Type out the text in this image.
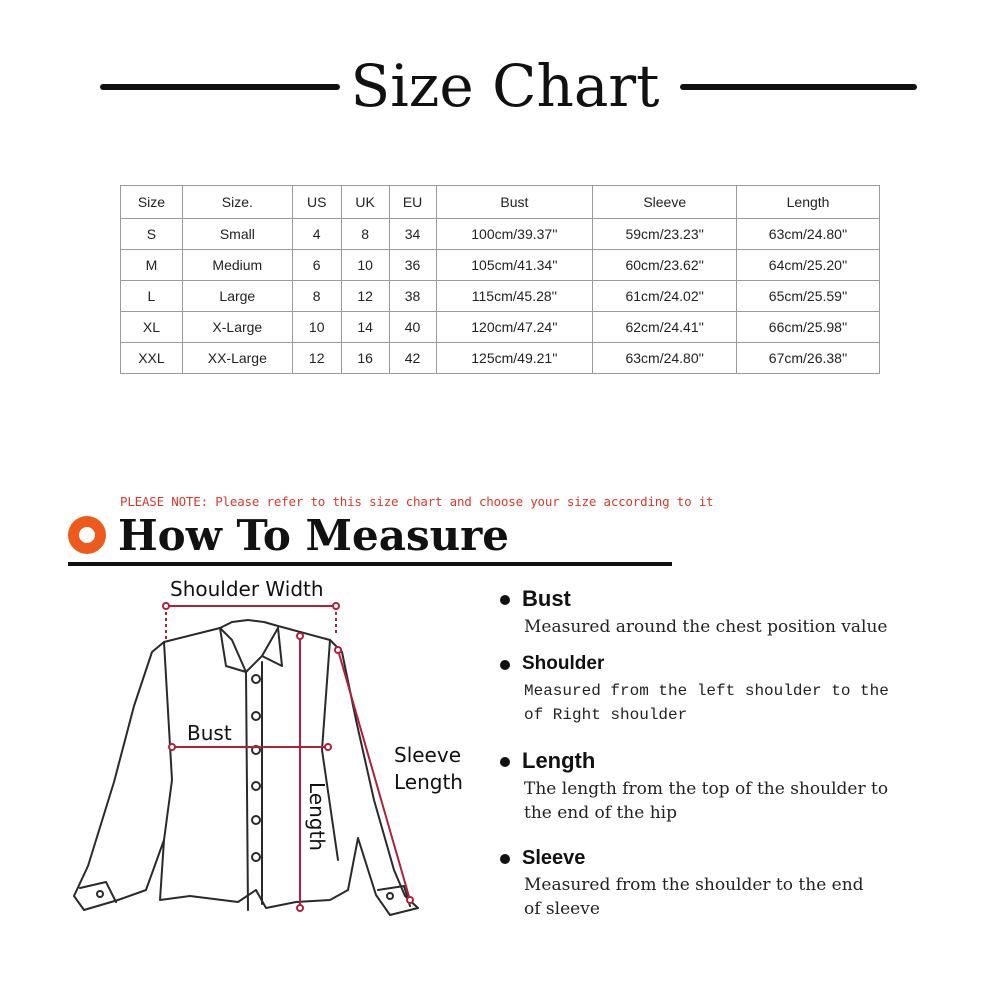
Size Chart
Size	Size.	US	UK	EU	Bust	Sleeve	Length
S	Small	4	8	34	100cm/39.37''	59cm/23.23''	63cm/24.80''
M	Medium	6	10	36	105cm/41.34''	60cm/23.62''	64cm/25.20''
L	Large	8	12	38	115cm/45.28''	61cm/24.02''	65cm/25.59''
XL	X-Large	10	14	40	120cm/47.24''	62cm/24.41''	66cm/25.98''
XXL	XX-Large	12	16	42	125cm/49.21''	63cm/24.80''	67cm/26.38''
PLEASE NOTE: Please refer to this size chart and choose your size according to it
How To Measure
Shoulder Width
Bust
Length
Sleeve
Length
Bust
Measured around the chest position value
Shoulder
Measured from the left shoulder to the
of Right shoulder
Length
The length from the top of the shoulder to
the end of the hip
Sleeve
Measured from the shoulder to the end
of sleeve
